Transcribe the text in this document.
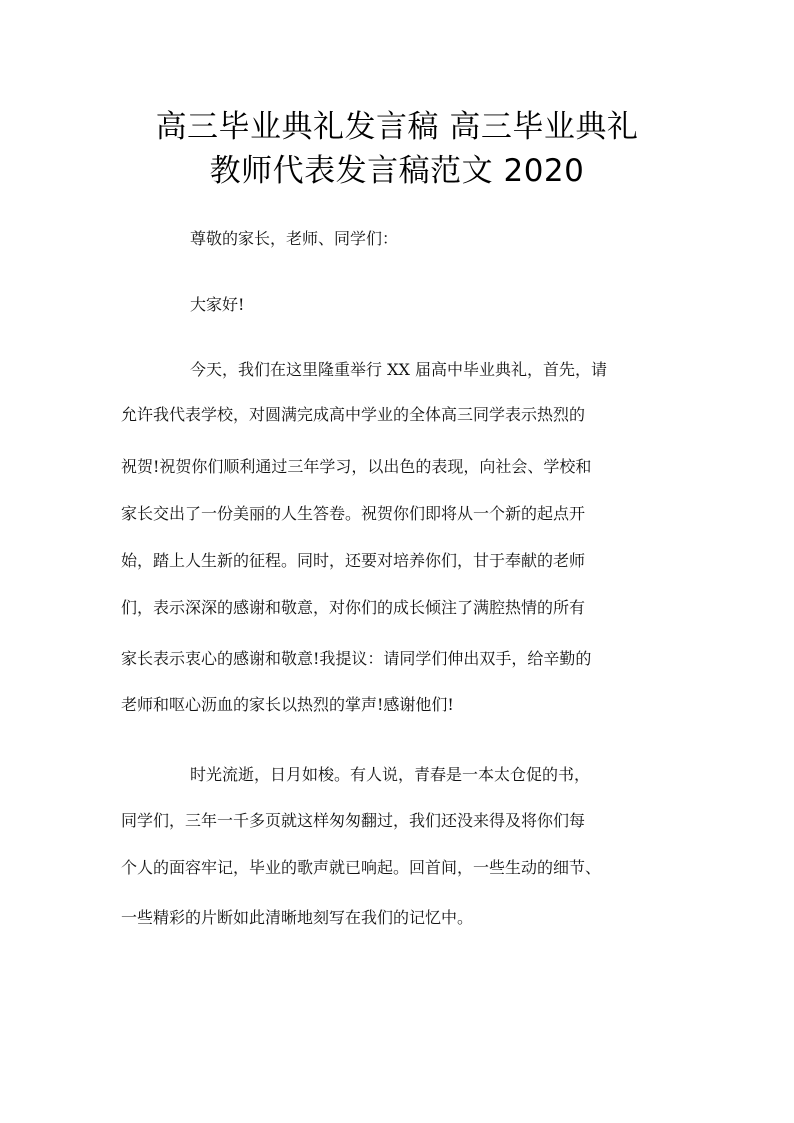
高三毕业典礼发言稿 高三毕业典礼
教师代表发言稿范文 2020
尊敬的家长，老师、同学们：
大家好!
今天，我们在这里隆重举行 XX 届高中毕业典礼，首先，请
允许我代表学校，对圆满完成高中学业的全体高三同学表示热烈的
祝贺!祝贺你们顺利通过三年学习，以出色的表现，向社会、学校和
家长交出了一份美丽的人生答卷。祝贺你们即将从一个新的起点开
始，踏上人生新的征程。同时，还要对培养你们，甘于奉献的老师
们，表示深深的感谢和敬意，对你们的成长倾注了满腔热情的所有
家长表示衷心的感谢和敬意!我提议：请同学们伸出双手，给辛勤的
老师和呕心沥血的家长以热烈的掌声!感谢他们!
时光流逝，日月如梭。有人说，青春是一本太仓促的书，
同学们，三年一千多页就这样匆匆翻过，我们还没来得及将你们每
个人的面容牢记，毕业的歌声就已响起。回首间，一些生动的细节、
一些精彩的片断如此清晰地刻写在我们的记忆中。
